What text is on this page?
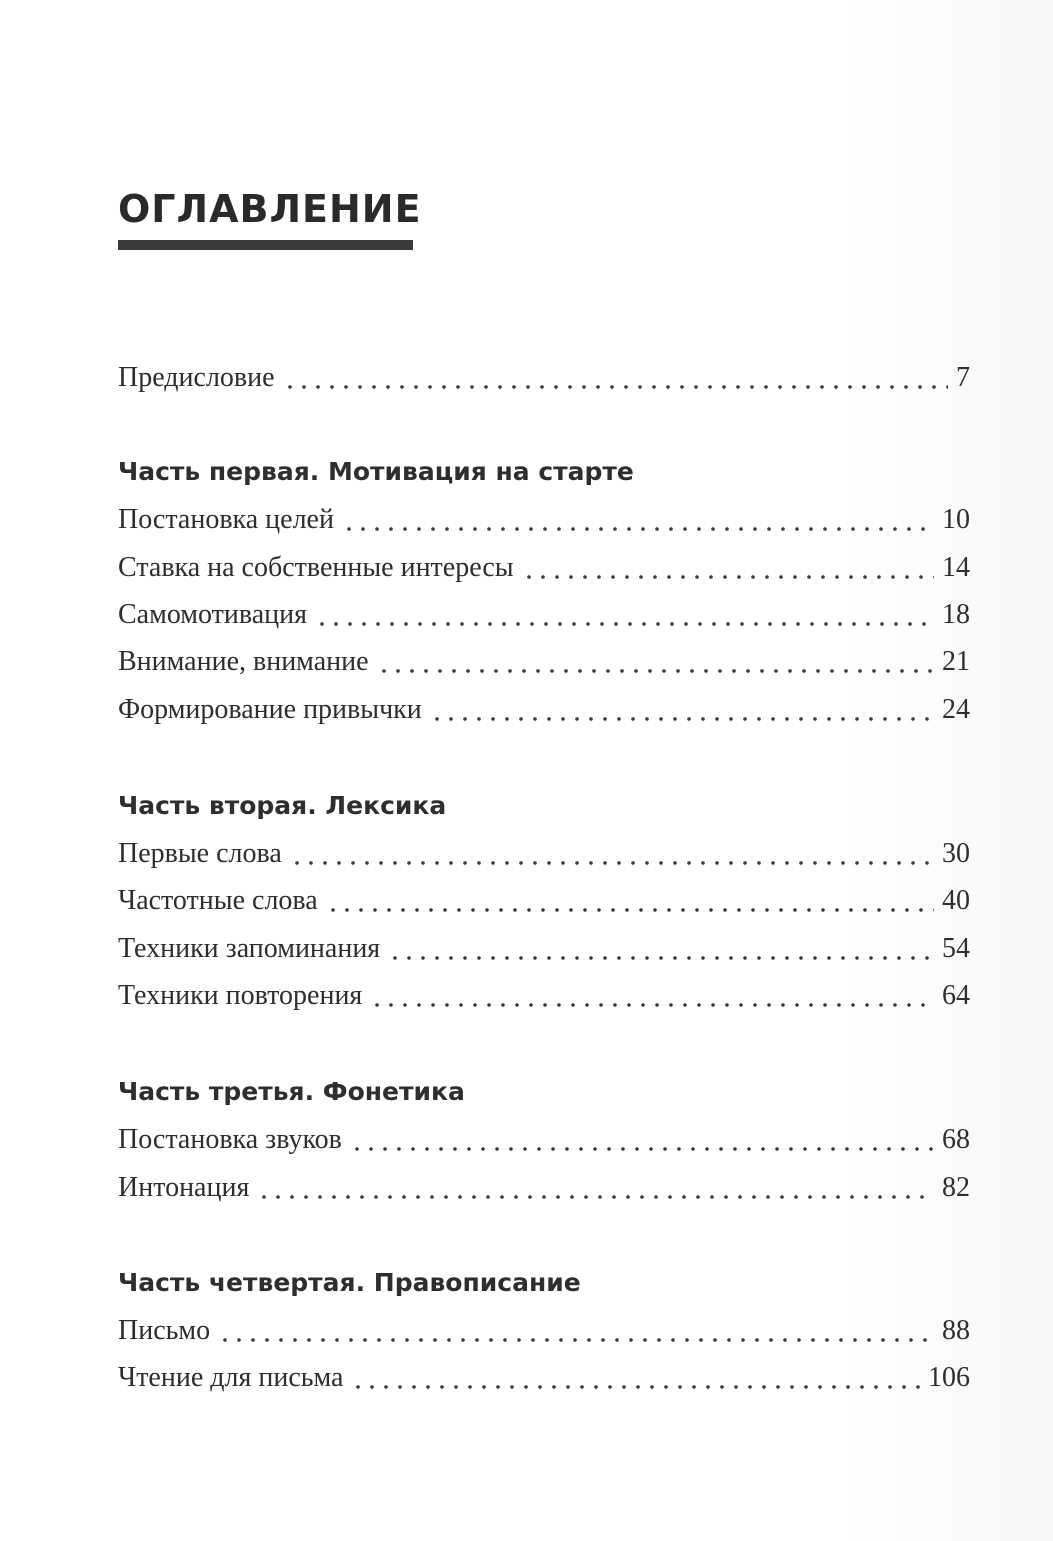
ОГЛАВЛЕНИЕ
Предисловие	7
Часть первая. Мотивация на старте
Постановка целей	10
Ставка на собственные интересы	14
Самомотивация	18
Внимание, внимание	21
Формирование привычки	24
Часть вторая. Лексика
Первые слова	30
Частотные слова	40
Техники запоминания	54
Техники повторения	64
Часть третья. Фонетика
Постановка звуков	68
Интонация	82
Часть четвертая. Правописание
Письмо	88
Чтение для письма	106
